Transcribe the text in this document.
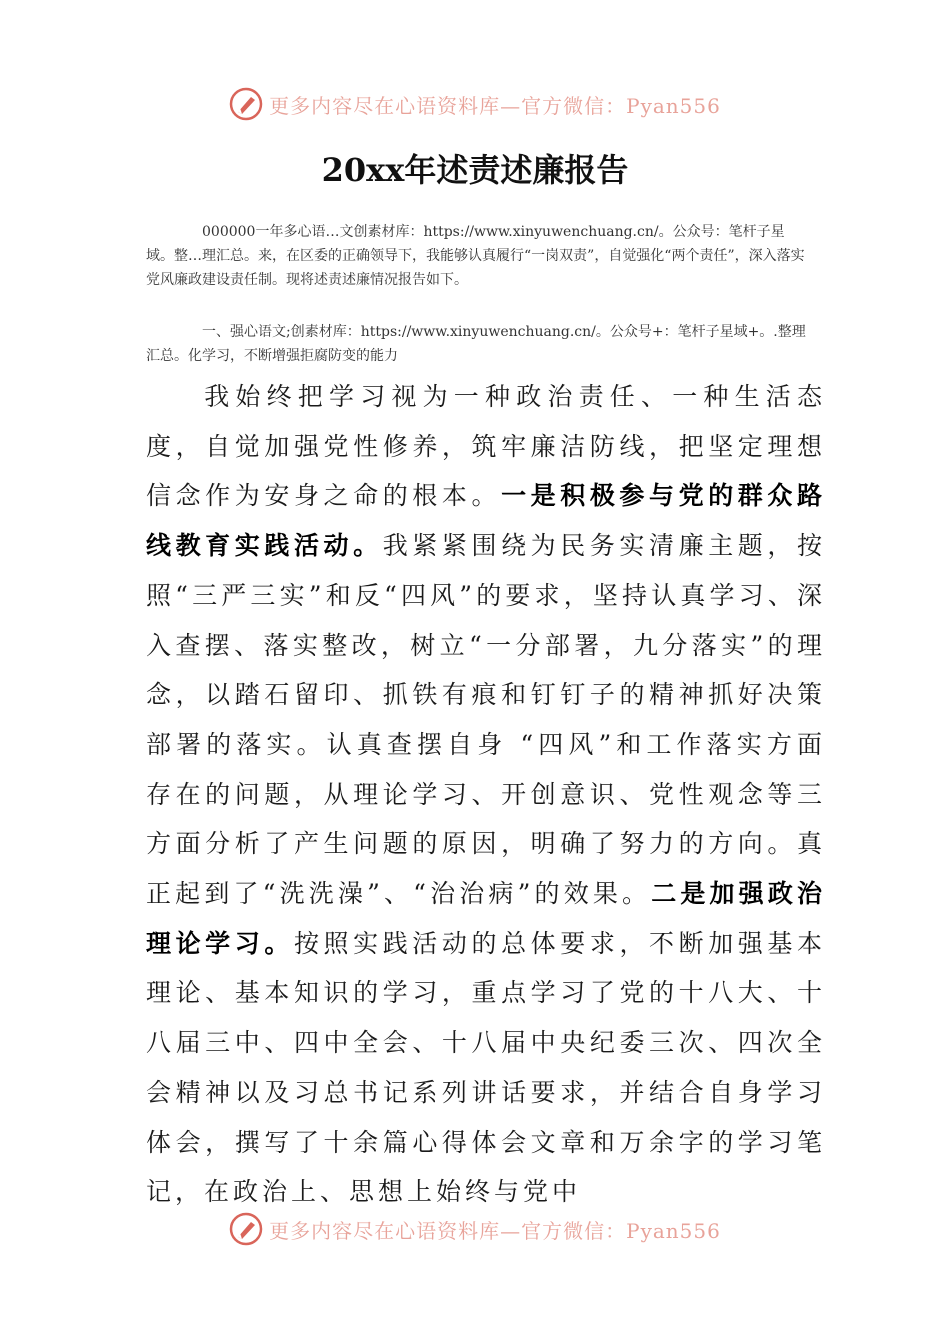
更多内容尽在心语资料库—官方微信：Pyan556
20xx年述责述廉报告
000000一年多心语…文创素材库：https://www.xinyuwenchuang.cn/。公众号：笔杆子星域。整…理汇总。来，在区委的正确领导下，我能够认真履行“一岗双责”，自觉强化“两个责任”，深入落实党风廉政建设责任制。现将述责述廉情况报告如下。
一、强心语文;创素材库：https://www.xinyuwenchuang.cn/。公众号+：笔杆子星域+。.整理汇总。化学习，不断增强拒腐防变的能力
我始终把学习视为一种政治责任、一种生活态度，自觉加强党性修养，筑牢廉洁防线，把坚定理想信念作为安身之命的根本。一是积极参与党的群众路线教育实践活动。我紧紧围绕为民务实清廉主题，按照“三严三实”和反“四风”的要求，坚持认真学习、深入查摆、落实整改，树立“一分部署，九分落实”的理念，以踏石留印、抓铁有痕和钉钉子的精神抓好决策部署的落实。认真查摆自身 “四风”和工作落实方面存在的问题，从理论学习、开创意识、党性观念等三方面分析了产生问题的原因，明确了努力的方向。真正起到了“洗洗澡”、“治治病”的效果。二是加强政治理论学习。按照实践活动的总体要求，不断加强基本理论、基本知识的学习，重点学习了党的十八大、十八届三中、四中全会、十八届中央纪委三次、四次全会精神以及习总书记系列讲话要求，并结合自身学习体会，撰写了十余篇心得体会文章和万余字的学习笔记，在政治上、思想上始终与党中
更多内容尽在心语资料库—官方微信：Pyan556
